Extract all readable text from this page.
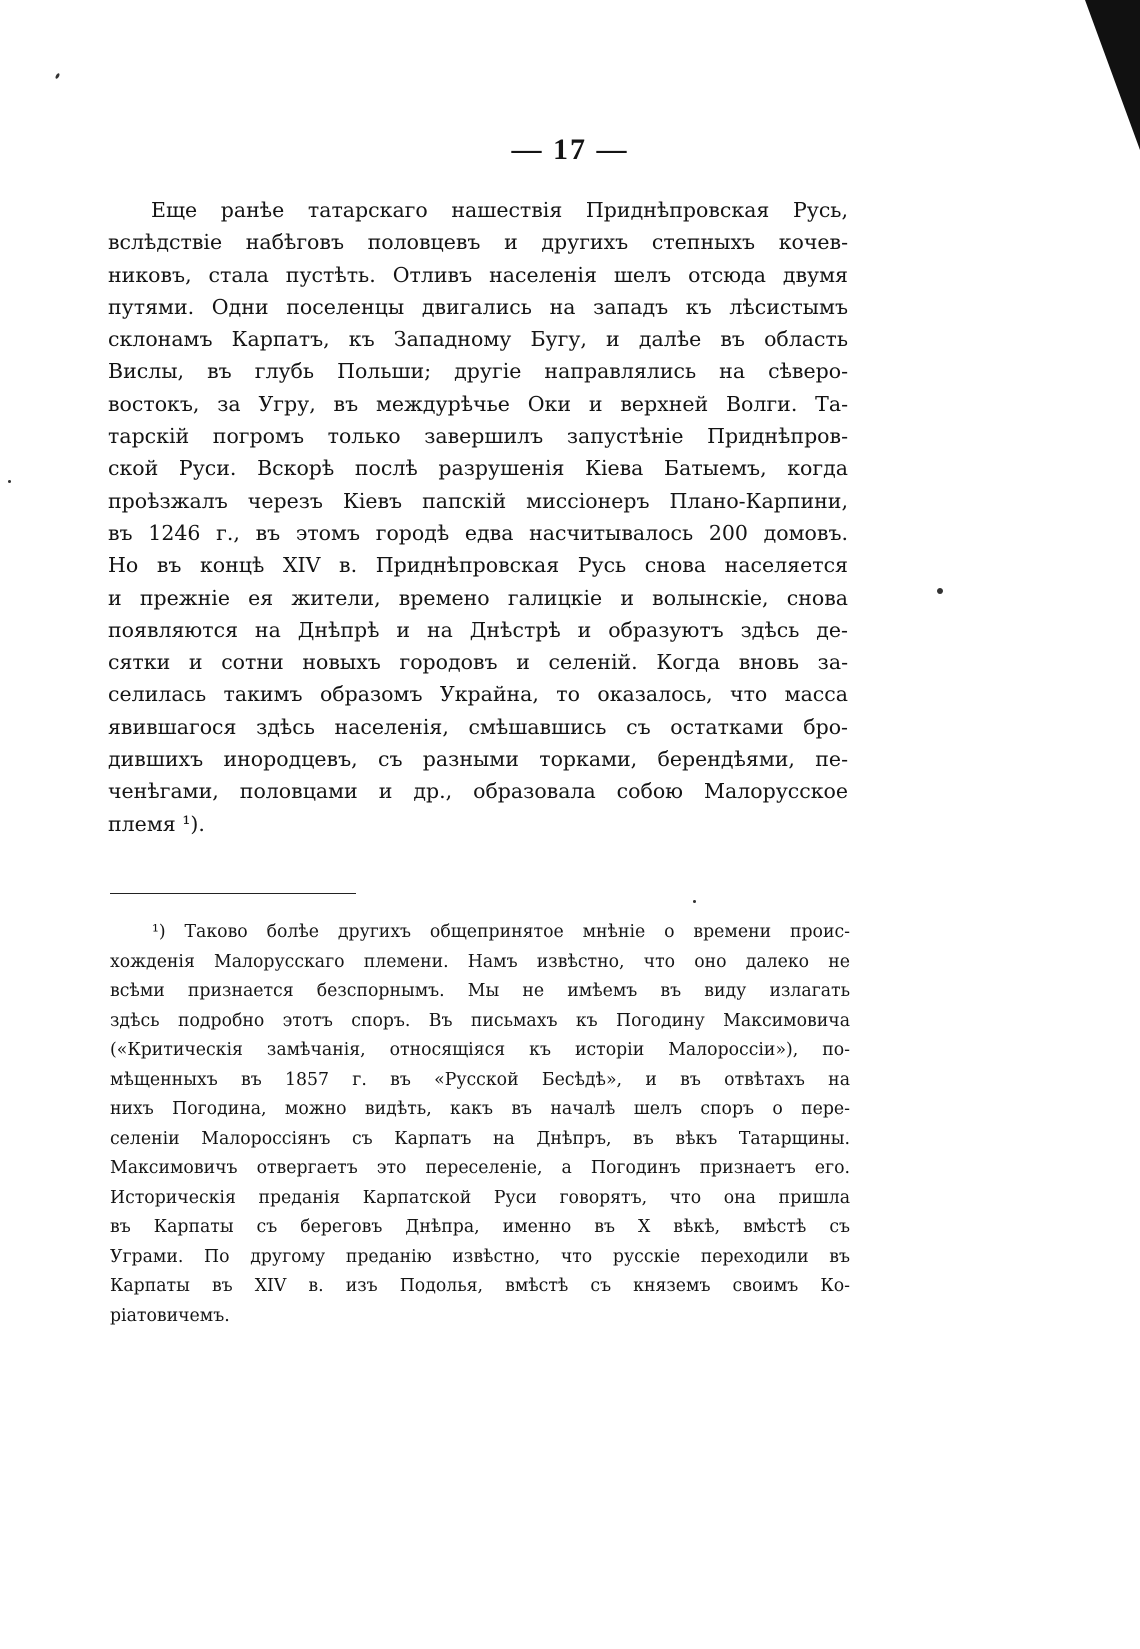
— 17 —
Еще ранѣе татарскаго нашествія Приднѣпровская Русь,
вслѣдствіе набѣговъ половцевъ и другихъ степныхъ кочев-
никовъ, стала пустѣть. Отливъ населенія шелъ отсюда двумя
путями. Одни поселенцы двигались на западъ къ лѣсистымъ
склонамъ Карпатъ, къ Западному Бугу, и далѣе въ область
Вислы, въ глубь Польши; другіе направлялись на сѣверо-
востокъ, за Угру, въ междурѣчье Оки и верхней Волги. Та-
тарскій погромъ только завершилъ запустѣніе Приднѣпров-
ской Руси. Вскорѣ послѣ разрушенія Кіева Батыемъ, когда
проѣзжалъ черезъ Кіевъ папскій миссіонеръ Плано-Карпини,
въ 1246 г., въ этомъ городѣ едва насчитывалось 200 домовъ.
Но въ концѣ XIV в. Приднѣпровская Русь снова населяется
и прежніе ея жители, времено галицкіе и волынскіе, снова
появляются на Днѣпрѣ и на Днѣстрѣ и образуютъ здѣсь де-
сятки и сотни новыхъ городовъ и селеній. Когда вновь за-
селилась такимъ образомъ Украйна, то оказалось, что масса
явившагося здѣсь населенія, смѣшавшись съ остатками бро-
дившихъ инородцевъ, съ разными торками, берендѣями, пе-
ченѣгами, половцами и др., образовала собою Малорусское
племя ¹).
¹) Таково болѣе другихъ общепринятое мнѣніе о времени проис-
хожденія Малорусскаго племени. Намъ извѣстно, что оно далеко не
всѣми признается безспорнымъ. Мы не имѣемъ въ виду излагать
здѣсь подробно этотъ споръ. Въ письмахъ къ Погодину Максимовича
(«Критическія замѣчанія, относящіяся къ исторіи Малороссіи»), по-
мѣщенныхъ въ 1857 г. въ «Русской Бесѣдѣ», и въ отвѣтахъ на
нихъ Погодина, можно видѣть, какъ въ началѣ шелъ споръ о пере-
селеніи Малороссіянъ съ Карпатъ на Днѣпръ, въ вѣкъ Татарщины.
Максимовичъ отвергаетъ это переселеніе, а Погодинъ признаетъ его.
Историческія преданія Карпатской Руси говорятъ, что она пришла
въ Карпаты съ береговъ Днѣпра, именно въ X вѣкѣ, вмѣстѣ съ
Уграми. По другому преданію извѣстно, что русскіе переходили въ
Карпаты въ XIV в. изъ Подолья, вмѣстѣ съ княземъ своимъ Ко-
ріатовичемъ.
